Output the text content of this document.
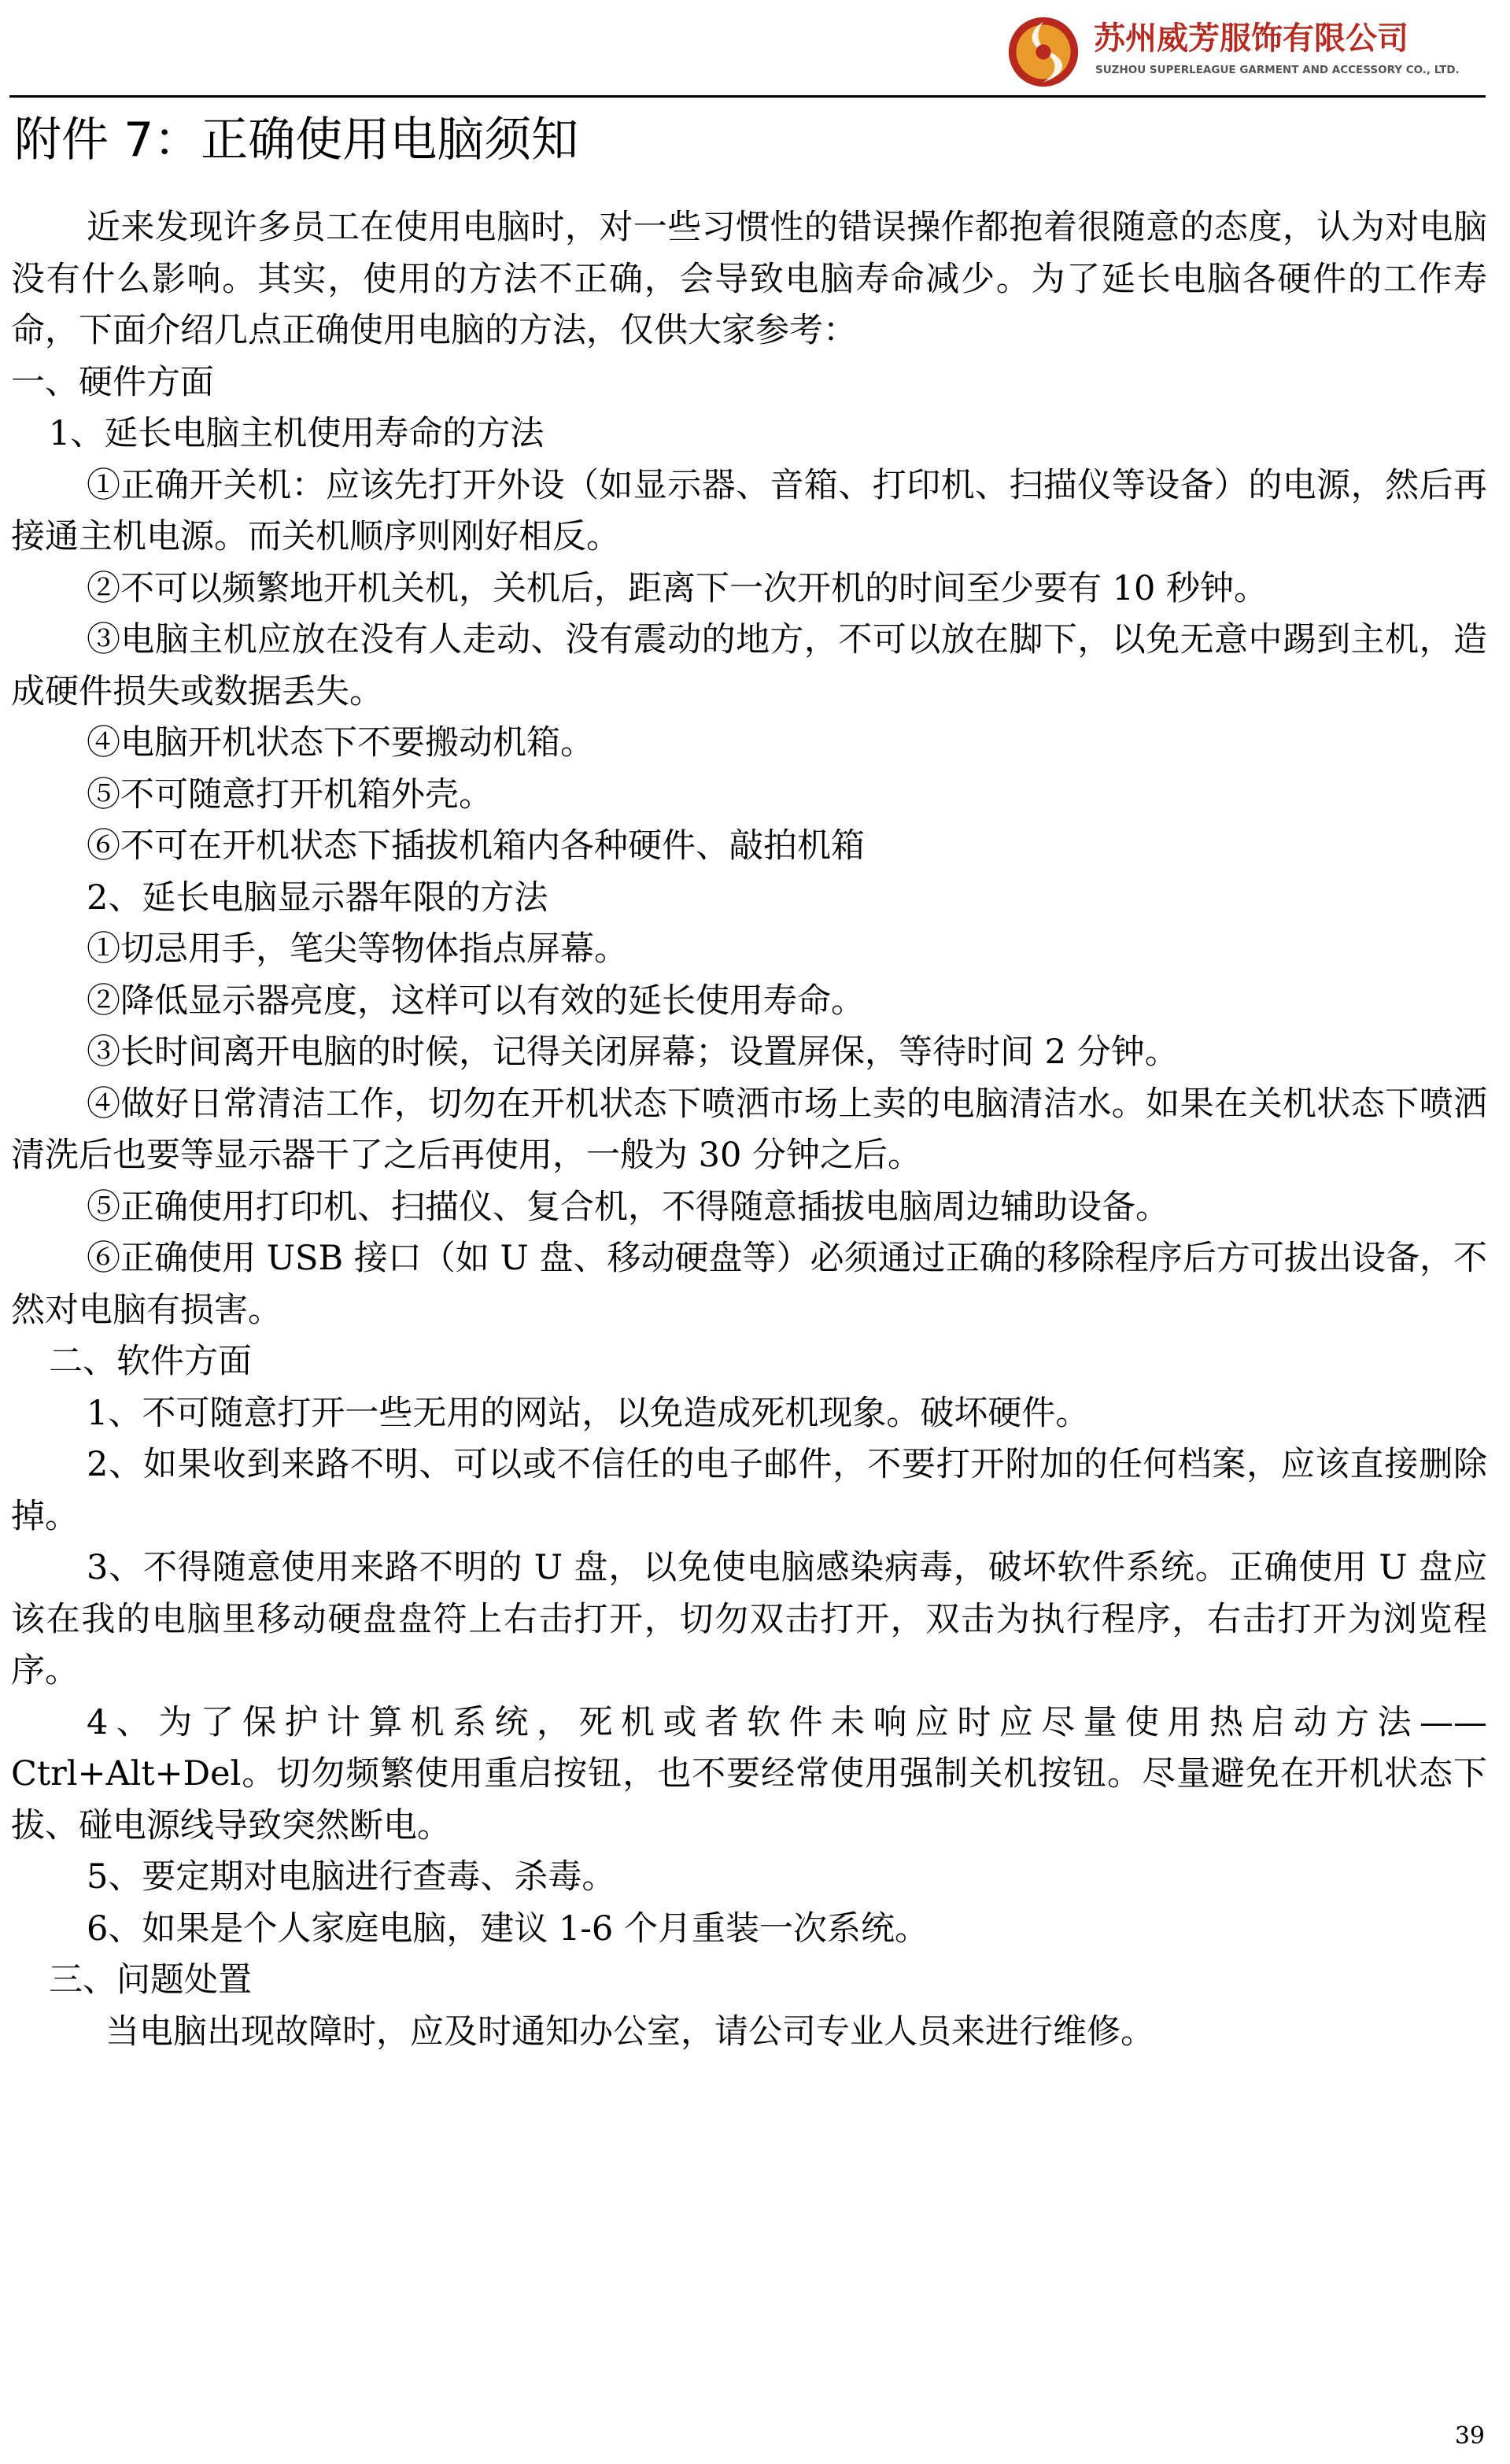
苏州威芳服饰有限公司
SUZHOU SUPERLEAGUE GARMENT AND ACCESSORY CO., LTD.
附件 7：正确使用电脑须知

近来发现许多员工在使用电脑时，对一些习惯性的错误操作都抱着很随意的态度，认为对电脑没有什么影响。其实，使用的方法不正确，会导致电脑寿命减少。为了延长电脑各硬件的工作寿命，下面介绍几点正确使用电脑的方法，仅供大家参考：

一、硬件方面

1、延长电脑主机使用寿命的方法

①正确开关机：应该先打开外设（如显示器、音箱、打印机、扫描仪等设备）的电源，然后再接通主机电源。而关机顺序则刚好相反。

②不可以频繁地开机关机，关机后，距离下一次开机的时间至少要有 10 秒钟。

③电脑主机应放在没有人走动、没有震动的地方，不可以放在脚下，以免无意中踢到主机，造成硬件损失或数据丢失。

④电脑开机状态下不要搬动机箱。

⑤不可随意打开机箱外壳。

⑥不可在开机状态下插拔机箱内各种硬件、敲拍机箱

2、延长电脑显示器年限的方法

①切忌用手，笔尖等物体指点屏幕。

②降低显示器亮度，这样可以有效的延长使用寿命。

③长时间离开电脑的时候，记得关闭屏幕；设置屏保，等待时间 2 分钟。

④做好日常清洁工作，切勿在开机状态下喷洒市场上卖的电脑清洁水。如果在关机状态下喷洒清洗后也要等显示器干了之后再使用，一般为 30 分钟之后。

⑤正确使用打印机、扫描仪、复合机，不得随意插拔电脑周边辅助设备。

⑥正确使用 USB 接口（如 U 盘、移动硬盘等）必须通过正确的移除程序后方可拔出设备，不然对电脑有损害。

二、软件方面

1、不可随意打开一些无用的网站，以免造成死机现象。破坏硬件。

2、如果收到来路不明、可以或不信任的电子邮件，不要打开附加的任何档案，应该直接删除掉。

3、不得随意使用来路不明的 U 盘，以免使电脑感染病毒，破坏软件系统。正确使用 U 盘应该在我的电脑里移动硬盘盘符上右击打开，切勿双击打开，双击为执行程序，右击打开为浏览程序。

4、为了保护计算机系统，死机或者软件未响应时应尽量使用热启动方法——Ctrl+Alt+Del。切勿频繁使用重启按钮，也不要经常使用强制关机按钮。尽量避免在开机状态下拔、碰电源线导致突然断电。

5、要定期对电脑进行查毒、杀毒。

6、如果是个人家庭电脑，建议 1-6 个月重装一次系统。

三、问题处置

当电脑出现故障时，应及时通知办公室，请公司专业人员来进行维修。

39
